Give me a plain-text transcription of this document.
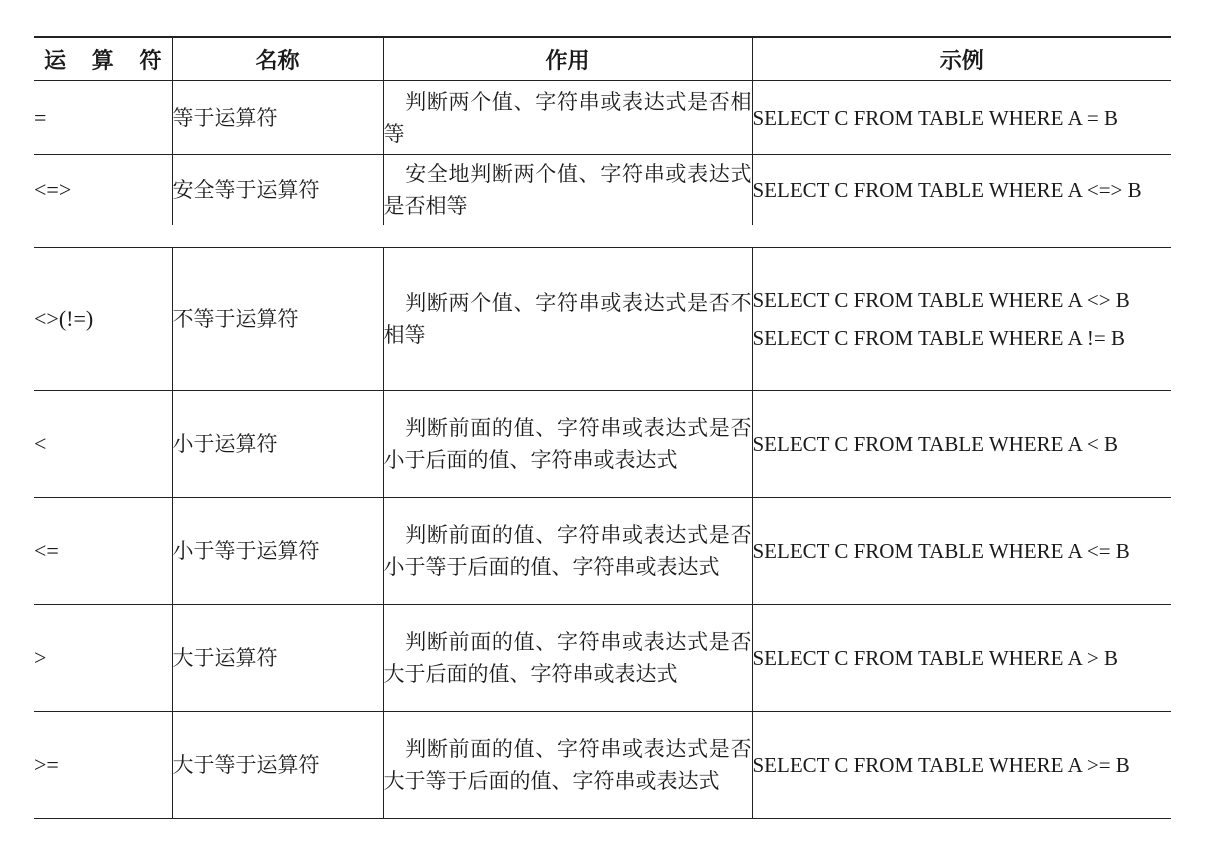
运 算 符	名称	作用	示例
=	等于运算符	判断两个值、字符串或表达式是否相等	SELECT C FROM TABLE WHERE A = B

<=>	安全等于运算符	安全地判断两个值、字符串或表达式是否相等	SELECT C FROM TABLE WHERE A <=> B

<>(!=)	不等于运算符	判断两个值、字符串或表达式是否不相等	SELECT C FROM TABLE WHERE A <> B

SELECT C FROM TABLE WHERE A != B

<	小于运算符	判断前面的值、字符串或表达式是否小于后面的值、字符串或表达式	SELECT C FROM TABLE WHERE A < B

<=	小于等于运算符	判断前面的值、字符串或表达式是否小于等于后面的值、字符串或表达式	SELECT C FROM TABLE WHERE A <= B

>	大于运算符	判断前面的值、字符串或表达式是否大于后面的值、字符串或表达式	SELECT C FROM TABLE WHERE A > B

>=	大于等于运算符	判断前面的值、字符串或表达式是否大于等于后面的值、字符串或表达式	SELECT C FROM TABLE WHERE A >= B
